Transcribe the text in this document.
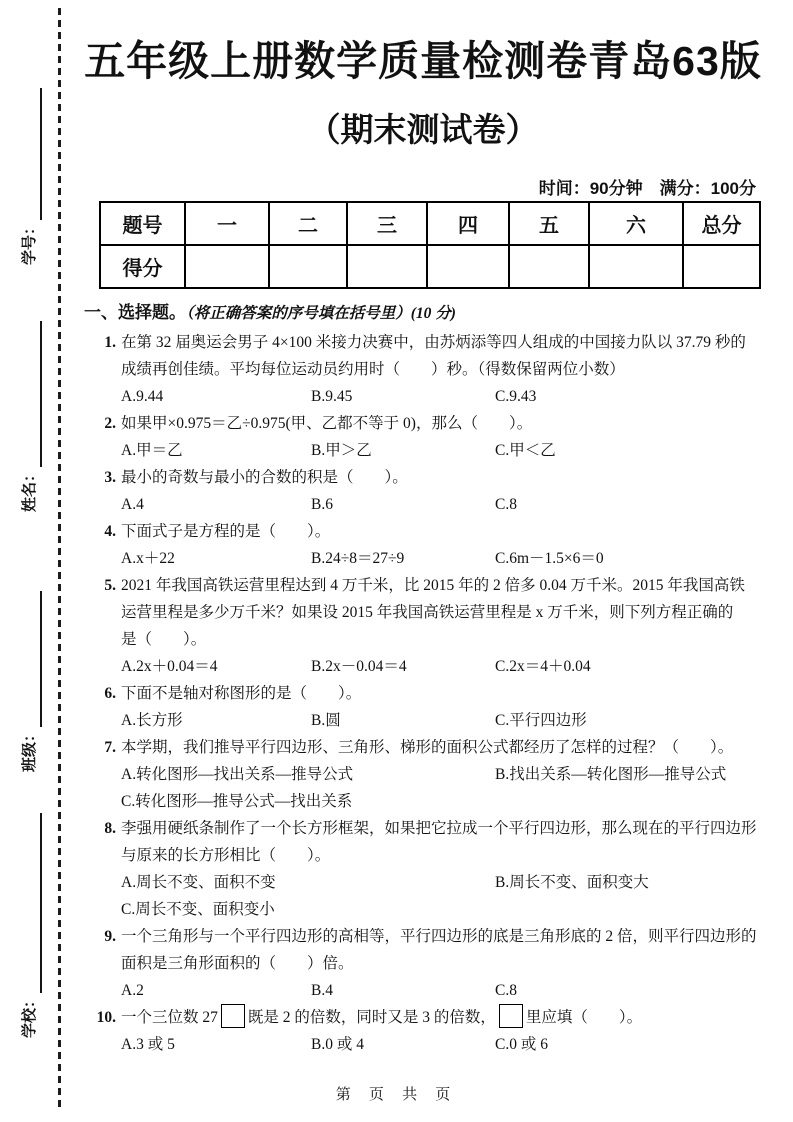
学号：
姓名：
班级：
学校：
五年级上册数学质量检测卷青岛63版
（期末测试卷）
时间：90分钟　满分：100分
题号	一	二	三	四	五	六	总分
得分							
一、选择题。（将正确答案的序号填在括号里）(10 分)
1. 在第 32 届奥运会男子 4×100 米接力决赛中，由苏炳添等四人组成的中国接力队以 37.79 秒的
成绩再创佳绩。平均每位运动员约用时（　　）秒。（得数保留两位小数）
A.9.44	B.9.45	C.9.43
2. 如果甲×0.975＝乙÷0.975(甲、乙都不等于 0)，那么（　　）。
A.甲＝乙	B.甲＞乙	C.甲＜乙
3. 最小的奇数与最小的合数的积是（　　）。
A.4	B.6	C.8
4. 下面式子是方程的是（　　）。
A.x＋22	B.24÷8＝27÷9	C.6m－1.5×6＝0
5. 2021 年我国高铁运营里程达到 4 万千米，比 2015 年的 2 倍多 0.04 万千米。2015 年我国高铁
运营里程是多少万千米？如果设 2015 年我国高铁运营里程是 x 万千米，则下列方程正确的
是（　　）。
A.2x＋0.04＝4	B.2x－0.04＝4	C.2x＝4＋0.04
6. 下面不是轴对称图形的是（　　）。
A.长方形	B.圆	C.平行四边形
7. 本学期，我们推导平行四边形、三角形、梯形的面积公式都经历了怎样的过程？（　　）。
A.转化图形—找出关系—推导公式	B.找出关系—转化图形—推导公式
C.转化图形—推导公式—找出关系
8. 李强用硬纸条制作了一个长方形框架，如果把它拉成一个平行四边形，那么现在的平行四边形
与原来的长方形相比（　　）。
A.周长不变、面积不变	B.周长不变、面积变大
C.周长不变、面积变小
9. 一个三角形与一个平行四边形的高相等，平行四边形的底是三角形底的 2 倍，则平行四边形的
面积是三角形面积的（　　）倍。
A.2	B.4	C.8
10. 一个三位数 27 既是 2 的倍数，同时又是 3 的倍数， 里应填（　　）。
A.3 或 5	B.0 或 4	C.0 或 6
第 页 共 页
